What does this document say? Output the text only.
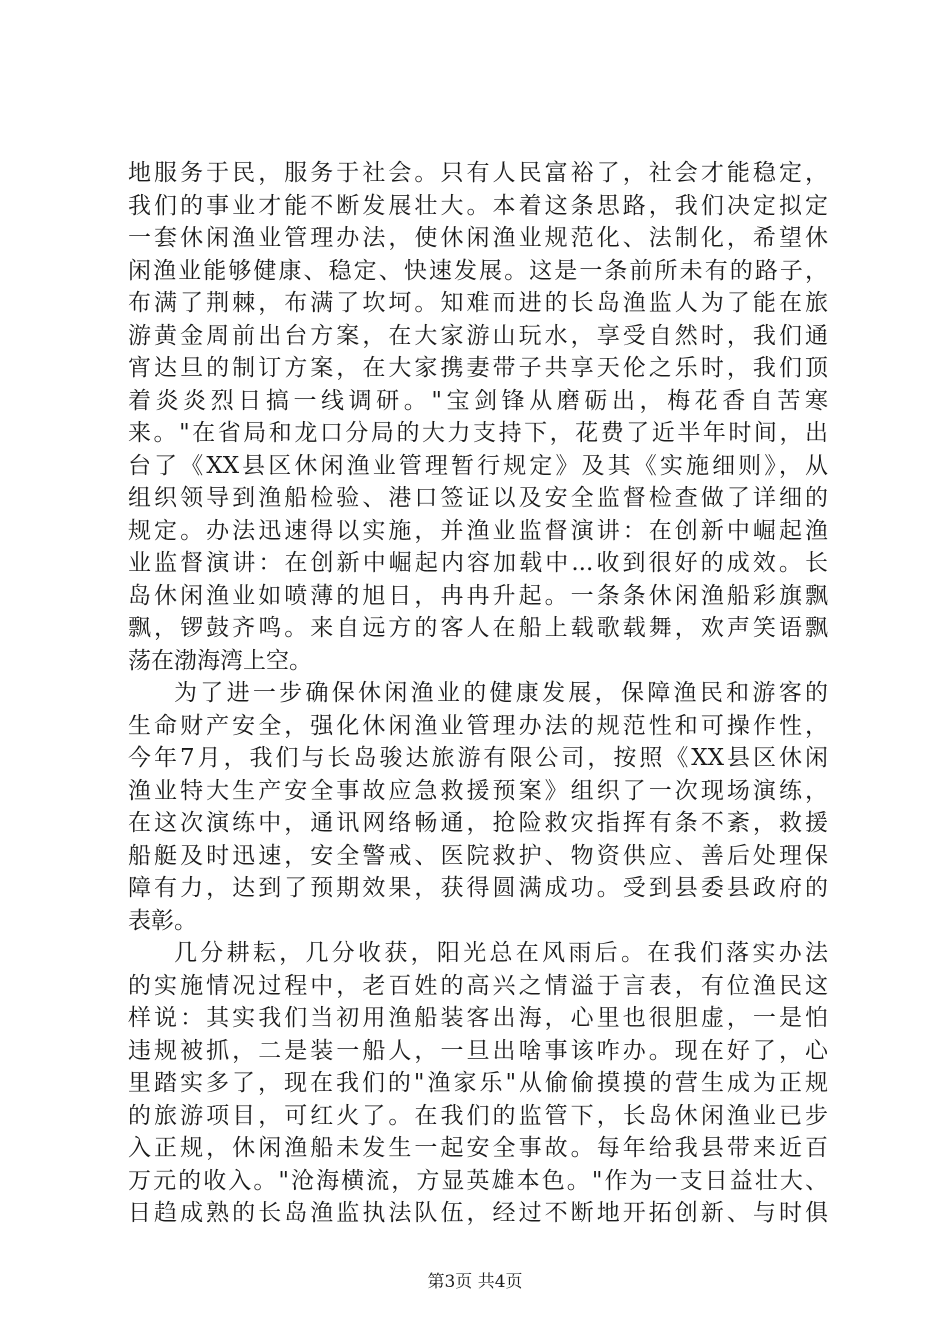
地服务于民，服务于社会。只有人民富裕了，社会才能稳定，
我们的事业才能不断发展壮大。本着这条思路，我们决定拟定
一套休闲渔业管理办法，使休闲渔业规范化、法制化，希望休
闲渔业能够健康、稳定、快速发展。这是一条前所未有的路子，
布满了荆棘，布满了坎坷。知难而进的长岛渔监人为了能在旅
游黄金周前出台方案，在大家游山玩水，享受自然时，我们通
宵达旦的制订方案，在大家携妻带子共享天伦之乐时，我们顶
着炎炎烈日搞一线调研。"宝剑锋从磨砺出，梅花香自苦寒
来。"在省局和龙口分局的大力支持下，花费了近半年时间，出
台了《XX县区休闲渔业管理暂行规定》及其《实施细则》，从
组织领导到渔船检验、港口签证以及安全监督检查做了详细的
规定。办法迅速得以实施，并渔业监督演讲：在创新中崛起渔
业监督演讲：在创新中崛起内容加载中...收到很好的成效。长
岛休闲渔业如喷薄的旭日，冉冉升起。一条条休闲渔船彩旗飘
飘，锣鼓齐鸣。来自远方的客人在船上载歌载舞，欢声笑语飘
荡在渤海湾上空。
为了进一步确保休闲渔业的健康发展，保障渔民和游客的
生命财产安全，强化休闲渔业管理办法的规范性和可操作性，
今年7月，我们与长岛骏达旅游有限公司，按照《XX县区休闲
渔业特大生产安全事故应急救援预案》组织了一次现场演练，
在这次演练中，通讯网络畅通，抢险救灾指挥有条不紊，救援
船艇及时迅速，安全警戒、医院救护、物资供应、善后处理保
障有力，达到了预期效果，获得圆满成功。受到县委县政府的
表彰。
几分耕耘，几分收获，阳光总在风雨后。在我们落实办法
的实施情况过程中，老百姓的高兴之情溢于言表，有位渔民这
样说：其实我们当初用渔船装客出海，心里也很胆虚，一是怕
违规被抓，二是装一船人，一旦出啥事该咋办。现在好了，心
里踏实多了，现在我们的"渔家乐"从偷偷摸摸的营生成为正规
的旅游项目，可红火了。在我们的监管下，长岛休闲渔业已步
入正规，休闲渔船未发生一起安全事故。每年给我县带来近百
万元的收入。"沧海横流，方显英雄本色。"作为一支日益壮大、
日趋成熟的长岛渔监执法队伍，经过不断地开拓创新、与时俱
第3页 共4页
